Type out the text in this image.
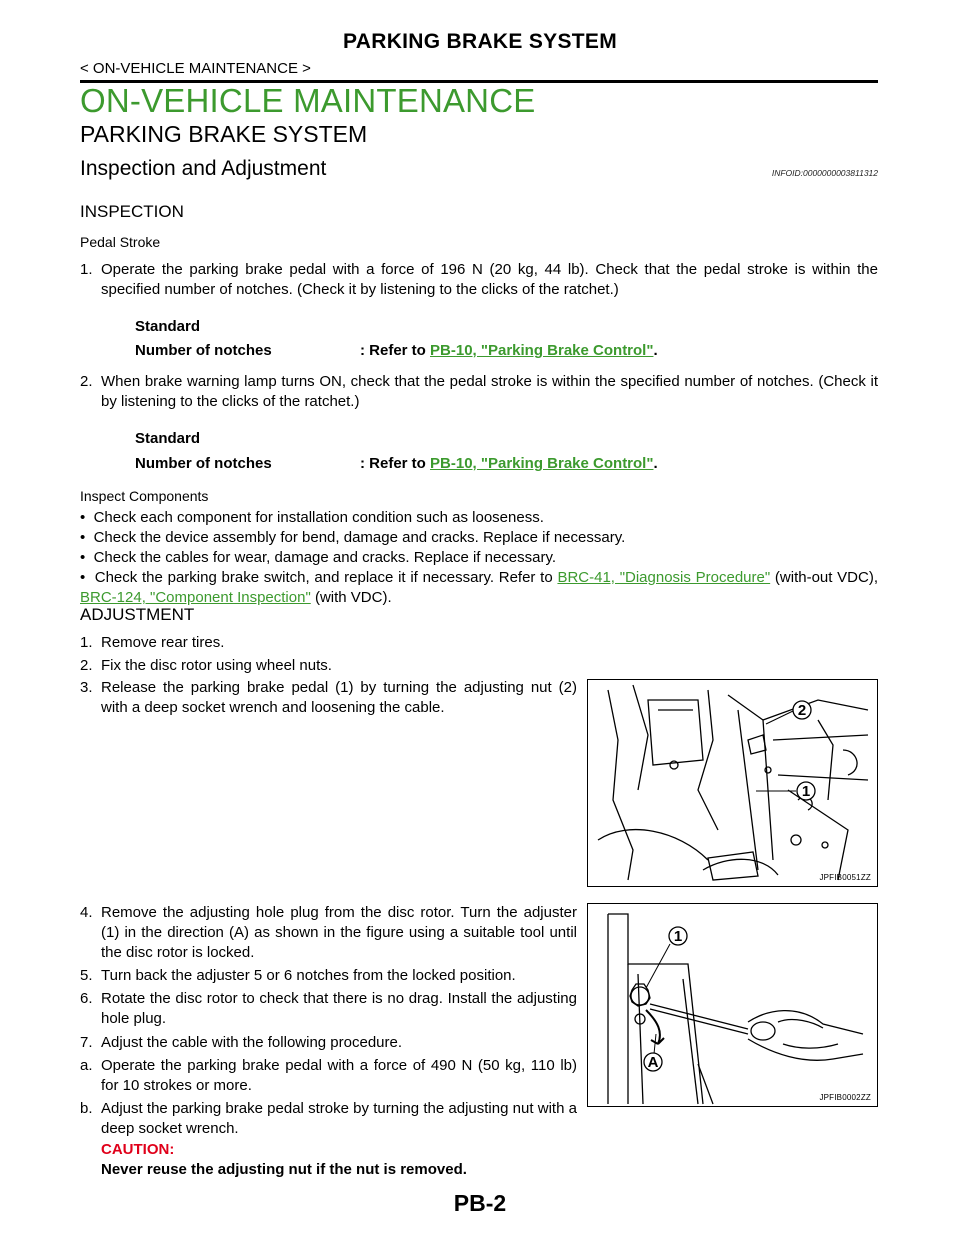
PARKING BRAKE SYSTEM
< ON-VEHICLE MAINTENANCE >
ON-VEHICLE MAINTENANCE
PARKING BRAKE SYSTEM
Inspection and Adjustment	INFOID:0000000003811312
INSPECTION
Pedal Stroke
1. Operate the parking brake pedal with a force of 196 N (20 kg, 44 lb). Check that the pedal stroke is within the specified number of notches. (Check it by listening to the clicks of the ratchet.)
Standard
Number of notches	: Refer to PB-10, "Parking Brake Control".
2. When brake warning lamp turns ON, check that the pedal stroke is within the specified number of notches. (Check it by listening to the clicks of the ratchet.)
Standard
Number of notches	: Refer to PB-10, "Parking Brake Control".
Inspect Components
•  Check each component for installation condition such as looseness.
•  Check the device assembly for bend, damage and cracks. Replace if necessary.
•  Check the cables for wear, damage and cracks. Replace if necessary.
•  Check the parking brake switch, and replace it if necessary. Refer to BRC-41, "Diagnosis Procedure" (with-out VDC), BRC-124, "Component Inspection" (with VDC).
ADJUSTMENT
1. Remove rear tires.
2. Fix the disc rotor using wheel nuts.
3. Release the parking brake pedal (1) by turning the adjusting nut (2) with a deep socket wrench and loosening the cable.
4. Remove the adjusting hole plug from the disc rotor. Turn the adjuster (1) in the direction (A) as shown in the figure using a suitable tool until the disc rotor is locked.
5. Turn back the adjuster 5 or 6 notches from the locked position.
6. Rotate the disc rotor to check that there is no drag. Install the adjusting hole plug.
7. Adjust the cable with the following procedure.
a. Operate the parking brake pedal with a force of 490 N (50 kg, 110 lb) for 10 strokes or more.
b. Adjust the parking brake pedal stroke by turning the adjusting nut with a deep socket wrench.
CAUTION:
Never reuse the adjusting nut if the nut is removed.
2
1
JPFIB0051ZZ
1
A
JPFIB0002ZZ
PB-2
